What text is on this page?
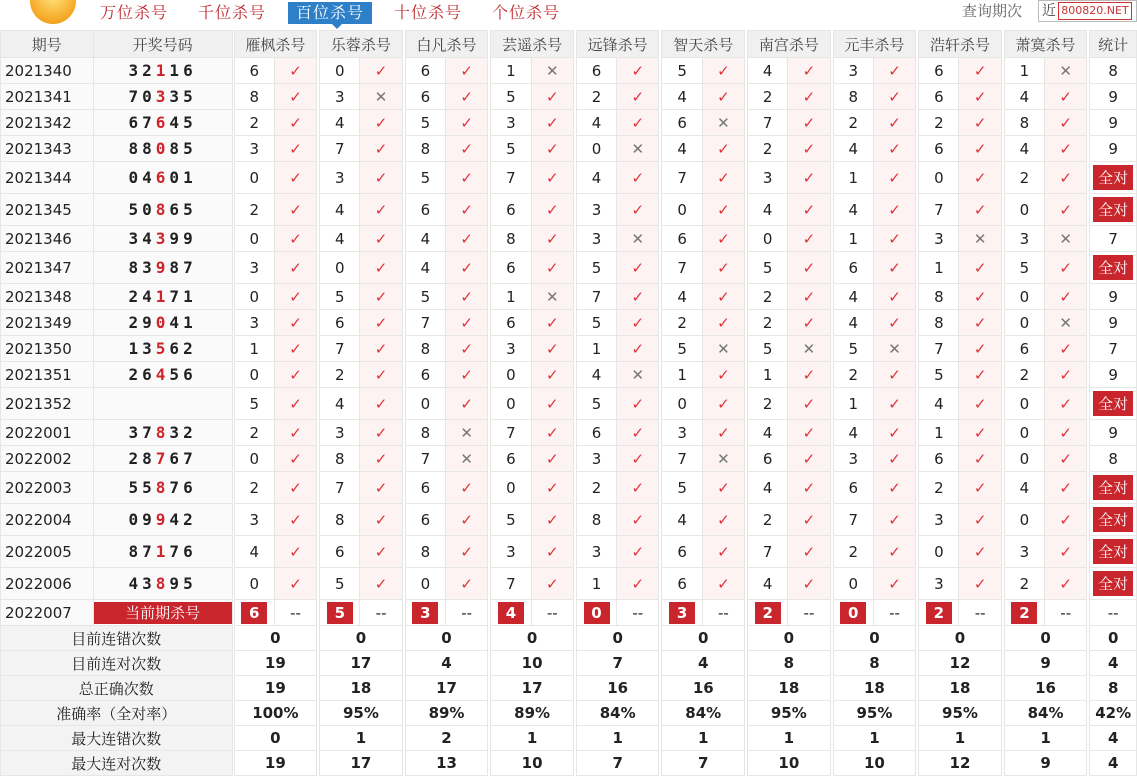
万位杀号	千位杀号	百位杀号	十位杀号	个位杀号	查询期次 近 800820.NET
期号	开奖号码		雁枫杀号			乐蓉杀号			白凡杀号			芸遥杀号			远锋杀号			智天杀号			南宫杀号			元丰杀号			浩轩杀号			萧寞杀号			统计
2021340	32116		6	✓		0	✓		6	✓		1	✕		6	✓		5	✓		4	✓		3	✓		6	✓		1	✕		8
2021341	70335		8	✓		3	✕		6	✓		5	✓		2	✓		4	✓		2	✓		8	✓		6	✓		4	✓		9
2021342	67645		2	✓		4	✓		5	✓		3	✓		4	✓		6	✕		7	✓		2	✓		2	✓		8	✓		9
2021343	88085		3	✓		7	✓		8	✓		5	✓		0	✕		4	✓		2	✓		4	✓		6	✓		4	✓		9
2021344	04601		0	✓		3	✓		5	✓		7	✓		4	✓		7	✓		3	✓		1	✓		0	✓		2	✓		全对
2021345	50865		2	✓		4	✓		6	✓		6	✓		3	✓		0	✓		4	✓		4	✓		7	✓		0	✓		全对
2021346	34399		0	✓		4	✓		4	✓		8	✓		3	✕		6	✓		0	✓		1	✓		3	✕		3	✕		7
2021347	83987		3	✓		0	✓		4	✓		6	✓		5	✓		7	✓		5	✓		6	✓		1	✓		5	✓		全对
2021348	24171		0	✓		5	✓		5	✓		1	✕		7	✓		4	✓		2	✓		4	✓		8	✓		0	✓		9
2021349	29041		3	✓		6	✓		7	✓		6	✓		5	✓		2	✓		2	✓		4	✓		8	✓		0	✕		9
2021350	13562		1	✓		7	✓		8	✓		3	✓		1	✓		5	✕		5	✕		5	✕		7	✓		6	✓		7
2021351	26456		0	✓		2	✓		6	✓		0	✓		4	✕		1	✓		1	✓		2	✓		5	✓		2	✓		9
2021352			5	✓		4	✓		0	✓		0	✓		5	✓		0	✓		2	✓		1	✓		4	✓		0	✓		全对
2022001	37832		2	✓		3	✓		8	✕		7	✓		6	✓		3	✓		4	✓		4	✓		1	✓		0	✓		9
2022002	28767		0	✓		8	✓		7	✕		6	✓		3	✓		7	✕		6	✓		3	✓		6	✓		0	✓		8
2022003	55876		2	✓		7	✓		6	✓		0	✓		2	✓		5	✓		4	✓		6	✓		2	✓		4	✓		全对
2022004	09942		3	✓		8	✓		6	✓		5	✓		8	✓		4	✓		2	✓		7	✓		3	✓		0	✓		全对
2022005	87176		4	✓		6	✓		8	✓		3	✓		3	✓		6	✓		7	✓		2	✓		0	✓		3	✓		全对
2022006	43895		0	✓		5	✓		0	✓		7	✓		1	✓		6	✓		4	✓		0	✓		3	✓		2	✓		全对
2022007	当前期杀号		6	--		5	--		3	--		4	--		0	--		3	--		2	--		0	--		2	--		2	--		--
目前连错次数			0			0			0			0			0			0			0			0			0			0			0
目前连对次数			19			17			4			10			7			4			8			8			12			9			4
总正确次数			19			18			17			17			16			16			18			18			18			16			8
准确率（全对率）			100%			95%			89%			89%			84%			84%			95%			95%			95%			84%			42%
最大连错次数			0			1			2			1			1			1			1			1			1			1			4
最大连对次数			19			17			13			10			7			7			10			10			12			9			4
